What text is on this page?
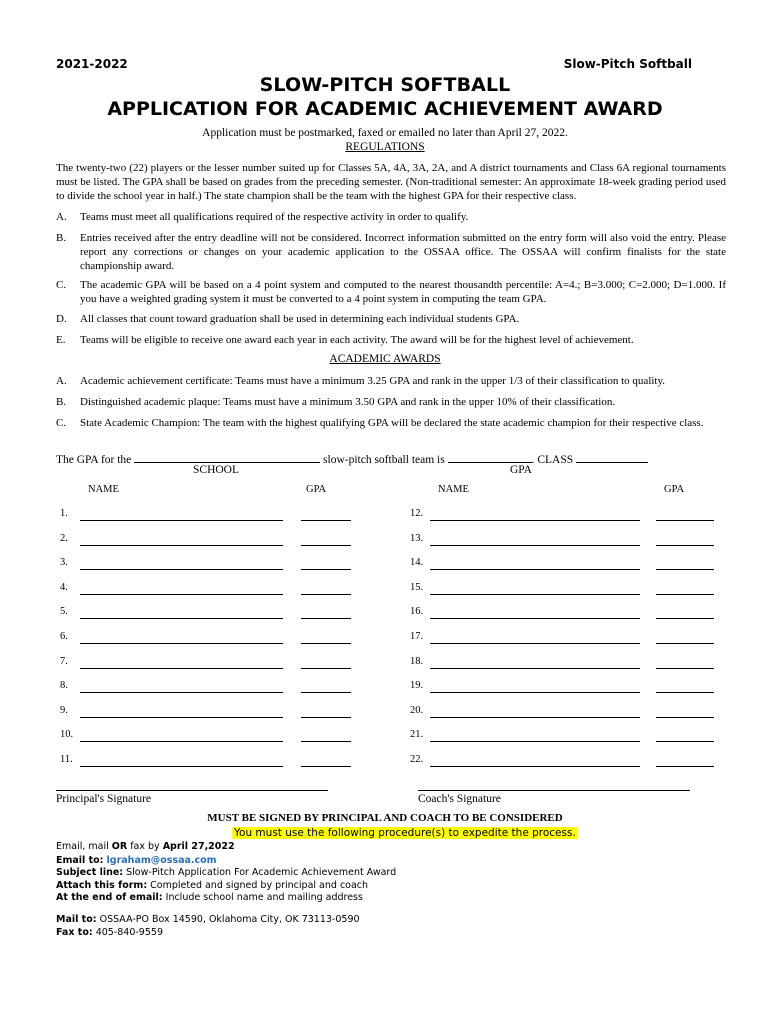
2021-2022	Slow-Pitch Softball
SLOW-PITCH SOFTBALL
APPLICATION FOR ACADEMIC ACHIEVEMENT AWARD
Application must be postmarked, faxed or emailed no later than April 27, 2022.
REGULATIONS
The twenty-two (22) players or the lesser number suited up for Classes 5A, 4A, 3A, 2A, and A district tournaments and Class 6A regional tournaments must be listed. The GPA shall be based on grades from the preceding semester. (Non-traditional semester: An approximate 18-week grading period used to divide the school year in half.) The state champion shall be the team with the highest GPA for their respective class.
A. Teams must meet all qualifications required of the respective activity in order to qualify.
B. Entries received after the entry deadline will not be considered. Incorrect information submitted on the entry form will also void the entry. Please report any corrections or changes on your academic application to the OSSAA office. The OSSAA will confirm finalists for the state championship award.
C. The academic GPA will be based on a 4 point system and computed to the nearest thousandth percentile: A=4.; B=3.000; C=2.000; D=1.000. If you have a weighted grading system it must be converted to a 4 point system in computing the team GPA.
D. All classes that count toward graduation shall be used in determining each individual students GPA.
E. Teams will be eligible to receive one award each year in each activity. The award will be for the highest level of achievement.
ACADEMIC AWARDS
A. Academic achievement certificate: Teams must have a minimum 3.25 GPA and rank in the upper 1/3 of their classification to quality.
B. Distinguished academic plaque: Teams must have a minimum 3.50 GPA and rank in the upper 10% of their classification.
C. State Academic Champion: The team with the highest qualifying GPA will be declared the state academic champion for their respective class.
The GPA for the	slow-pitch softball team is	. CLASS
SCHOOL	GPA
NAME	GPA	NAME	GPA
1.
2.
3.
4.
5.
6.
7.
8.
9.
10.
11.
12.
13.
14.
15.
16.
17.
18.
19.
20.
21.
22.
Principal's Signature	Coach's Signature
MUST BE SIGNED BY PRINCIPAL AND COACH TO BE CONSIDERED
You must use the following procedure(s) to expedite the process.
Email, mail OR fax by April 27,2022
Email to: lgraham@ossaa.com
Subject line: Slow-Pitch Application For Academic Achievement Award
Attach this form: Completed and signed by principal and coach
At the end of email: Include school name and mailing address
Mail to: OSSAA-PO Box 14590, Oklahoma City, OK 73113-0590
Fax to: 405-840-9559
